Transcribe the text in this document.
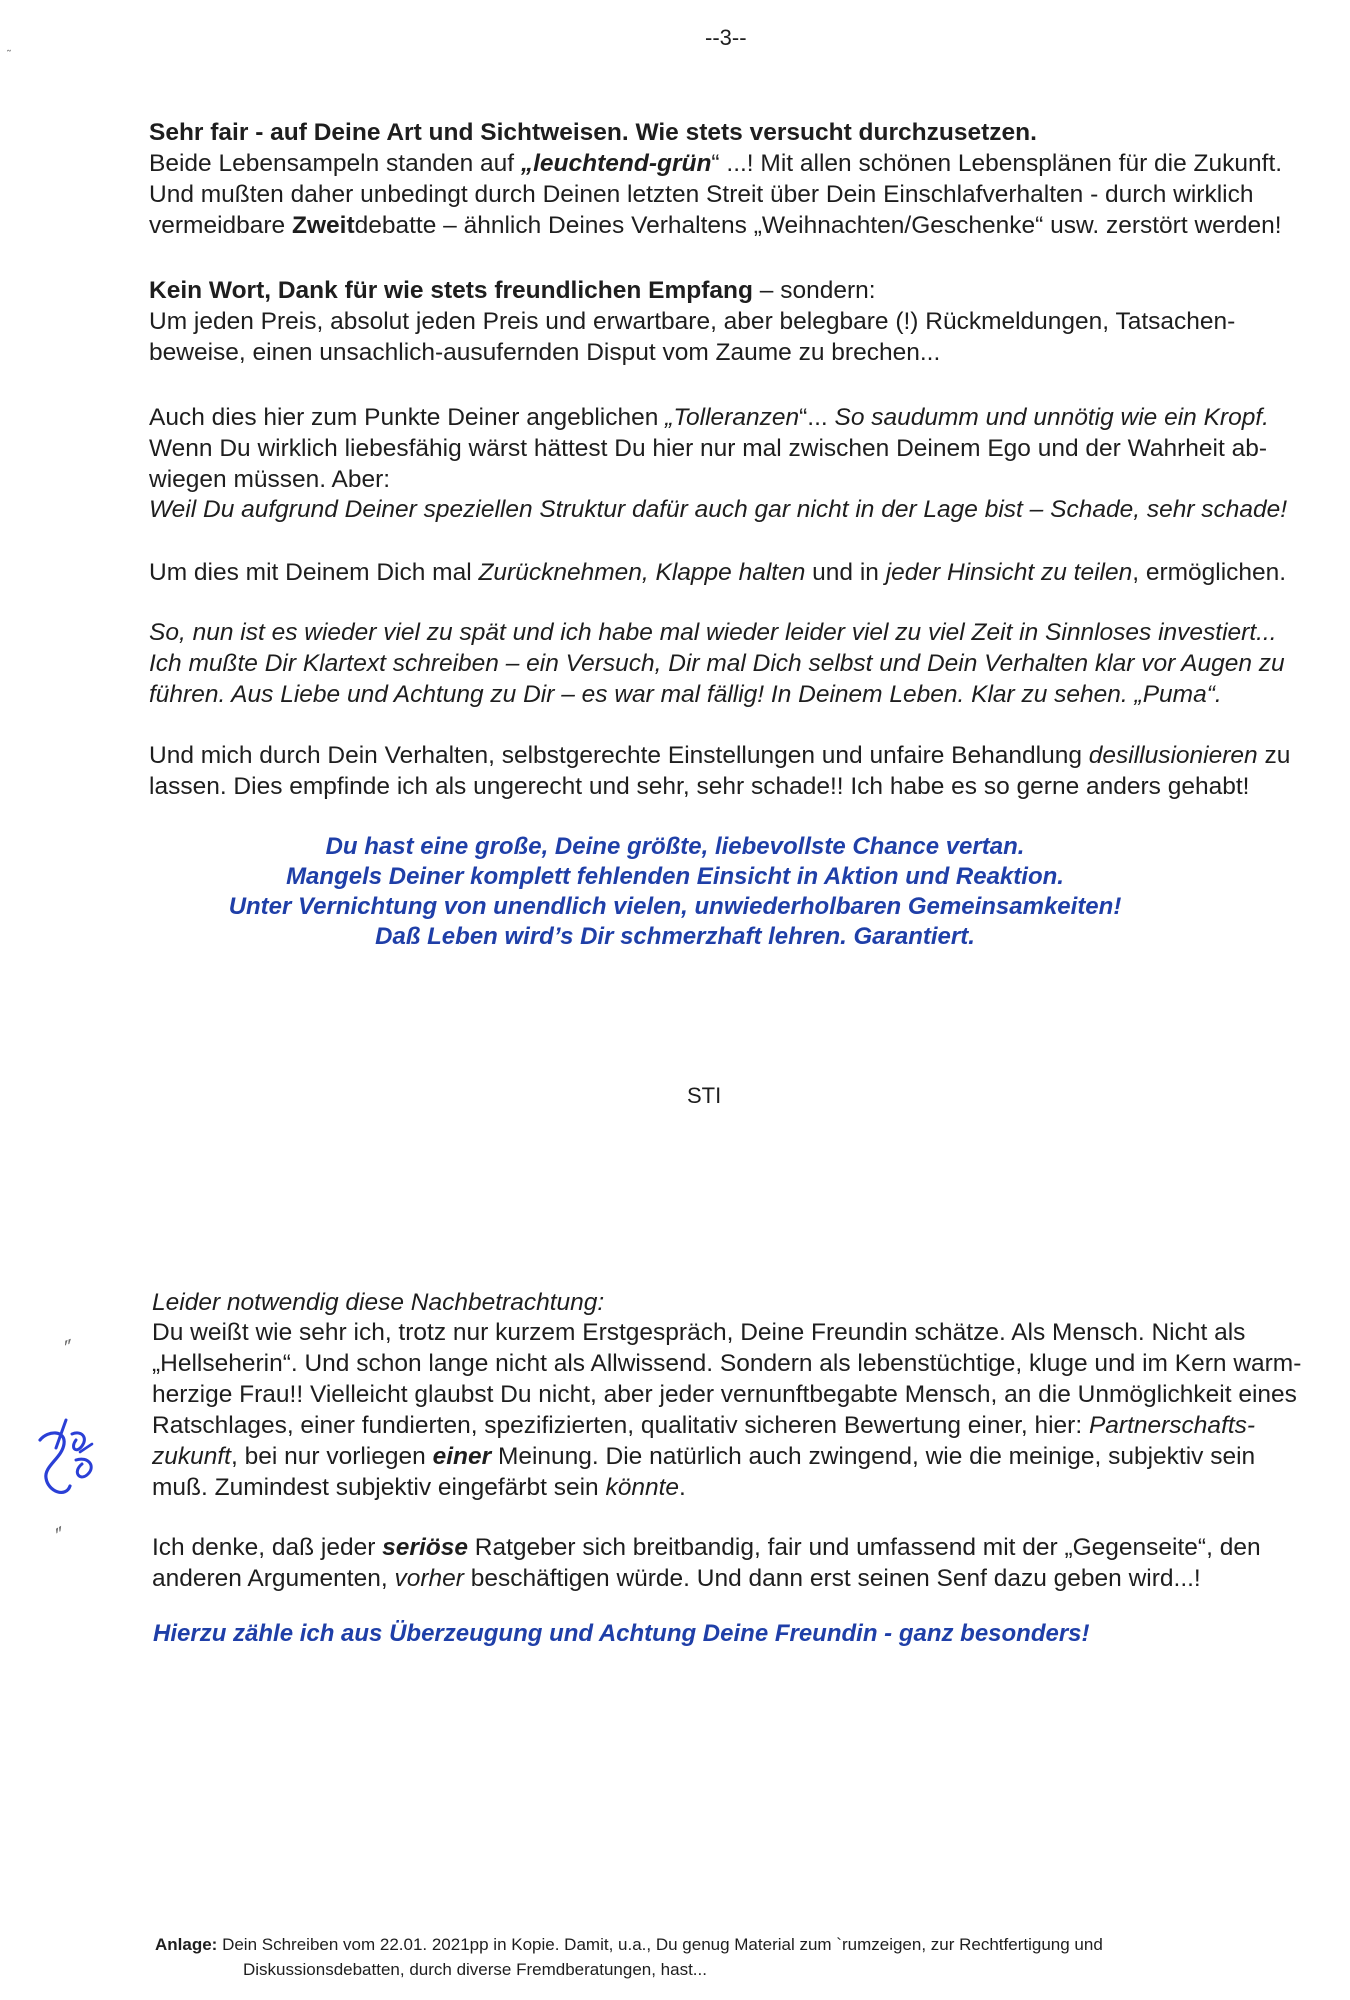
--3--
˷
Sehr fair - auf Deine Art und Sichtweisen. Wie stets versucht durchzusetzen.
Beide Lebensampeln standen auf „leuchtend-grün“ ...! Mit allen schönen Lebensplänen für die Zukunft.
Und mußten daher unbedingt durch Deinen letzten Streit über Dein Einschlafverhalten - durch wirklich
vermeidbare Zweitdebatte – ähnlich Deines Verhaltens „Weihnachten/Geschenke“ usw. zerstört werden!
Kein Wort, Dank für wie stets freundlichen Empfang – sondern:
Um jeden Preis, absolut jeden Preis und erwartbare, aber belegbare (!) Rückmeldungen, Tatsachen-
beweise, einen unsachlich-ausufernden Disput vom Zaume zu brechen...
Auch dies hier zum Punkte Deiner angeblichen „Tolleranzen“... So saudumm und unnötig wie ein Kropf.
Wenn Du wirklich liebesfähig wärst hättest Du hier nur mal zwischen Deinem Ego und der Wahrheit ab-
wiegen müssen. Aber:
Weil Du aufgrund Deiner speziellen Struktur dafür auch gar nicht in der Lage bist – Schade, sehr schade!
Um dies mit Deinem Dich mal Zurücknehmen, Klappe halten und in jeder Hinsicht zu teilen, ermöglichen.
So, nun ist es wieder viel zu spät und ich habe mal wieder leider viel zu viel Zeit in Sinnloses investiert...
Ich mußte Dir Klartext schreiben – ein Versuch, Dir mal Dich selbst und Dein Verhalten klar vor Augen zu
führen. Aus Liebe und Achtung zu Dir – es war mal fällig! In Deinem Leben. Klar zu sehen. „Puma“.
Und mich durch Dein Verhalten, selbstgerechte Einstellungen und unfaire Behandlung desillusionieren zu
lassen. Dies empfinde ich als ungerecht und sehr, sehr schade!! Ich habe es so gerne anders gehabt!
Du hast eine große, Deine größte, liebevollste Chance vertan.
Mangels Deiner komplett fehlenden Einsicht in Aktion und Reaktion.
Unter Vernichtung von unendlich vielen, unwiederholbaren Gemeinsamkeiten!
Daß Leben wird’s Dir schmerzhaft lehren. Garantiert.
STI
Leider notwendig diese Nachbetrachtung:
Du weißt wie sehr ich, trotz nur kurzem Erstgespräch, Deine Freundin schätze. Als Mensch. Nicht als
„Hellseherin“. Und schon lange nicht als Allwissend. Sondern als lebenstüchtige, kluge und im Kern warm-
herzige Frau!! Vielleicht glaubst Du nicht, aber jeder vernunftbegabte Mensch, an die Unmöglichkeit eines
Ratschlages, einer fundierten, spezifizierten, qualitativ sicheren Bewertung einer, hier: Partnerschafts-
zukunft, bei nur vorliegen einer Meinung. Die natürlich auch zwingend, wie die meinige, subjektiv sein
muß. Zumindest subjektiv eingefärbt sein könnte.
Ich denke, daß jeder seriöse Ratgeber sich breitbandig, fair und umfassend mit der „Gegenseite“, den
anderen Argumenten, vorher beschäftigen würde. Und dann erst seinen Senf dazu geben wird...!
Hierzu zähle ich aus Überzeugung und Achtung Deine Freundin - ganz besonders!
″
″
Anlage: Dein Schreiben vom 22.01. 2021pp in Kopie. Damit, u.a., Du genug Material zum `rumzeigen, zur Rechtfertigung und
Diskussionsdebatten, durch diverse Fremdberatungen, hast...
